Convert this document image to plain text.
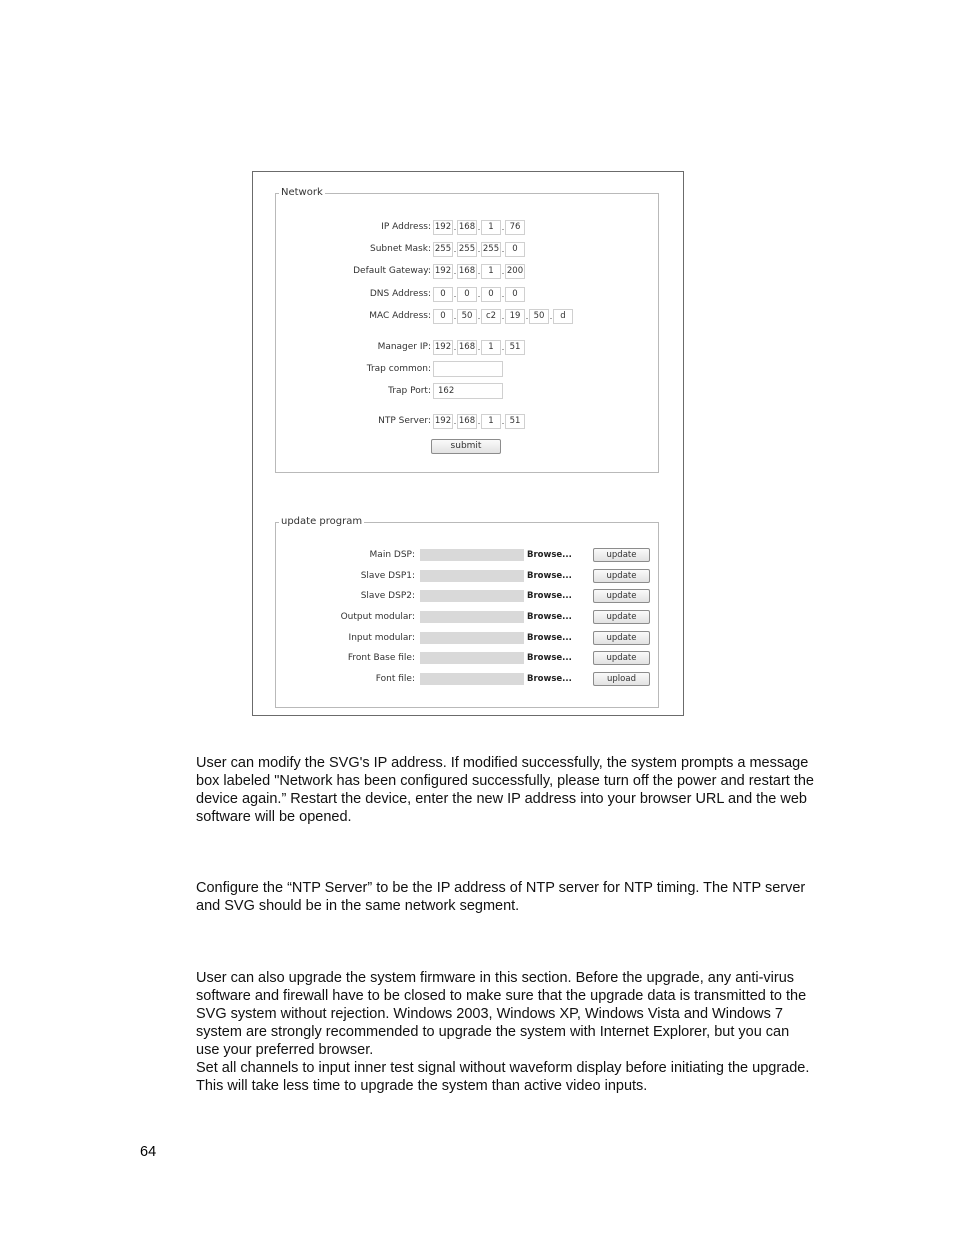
Network
IP Address: 192 . 168 . 1 . 76
Subnet Mask: 255 . 255 . 255 . 0
Default Gateway: 192 . 168 . 1 . 200
DNS Address:	0 . 0 . 0 . 0
MAC Address:	0 . 50 . c2 . 19 . 50 . d
Manager IP: 192 . 168 . 1 . 51
Trap common:
Trap Port: 162
NTP Server: 192 . 168 . 1 . 51
submit
update program
Main DSP:	Browse...	update
Slave DSP1:	Browse...	update
Slave DSP2:	Browse...	update
Output modular:	Browse...	update
Input modular:	Browse...	update
Front Base file:	Browse...	update
Font file:	Browse...	upload

User can modify the SVG's IP address. If modified successfully, the system prompts a message box labeled "Network has been configured successfully, please turn off the power and restart the device again.” Restart the device, enter the new IP address into your browser URL and the web software will be opened.

Configure the “NTP Server” to be the IP address of NTP server for NTP timing. The NTP server and SVG should be in the same network segment.

User can also upgrade the system firmware in this section. Before the upgrade, any anti-virus software and firewall have to be closed to make sure that the upgrade data is transmitted to the SVG system without rejection. Windows 2003, Windows XP, Windows Vista and Windows 7 system are strongly recommended to upgrade the system with Internet Explorer, but you can use your preferred browser.

Set all channels to input inner test signal without waveform display before initiating the upgrade. This will take less time to upgrade the system than active video inputs.

64
